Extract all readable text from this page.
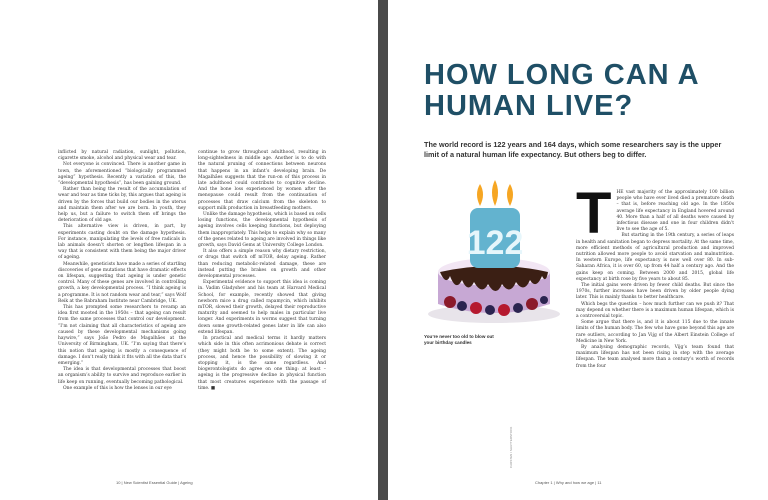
inflicted by natural radiation, sunlight, pollution, cigarette smoke, alcohol and physical wear and tear.

Not everyone is convinced. There is another game in town, the aforementioned “biologically programmed ageing” hypothesis. Recently a variation of this, the “developmental hypothesis”, has been gaining ground.

Rather than being the result of the accumulation of wear and tear as time ticks by, this argues that ageing is driven by the forces that build our bodies in the uterus and maintain them after we are born. In youth, they help us, but a failure to switch them off brings the deterioration of old age.

This alternative view is driven, in part, by experiments casting doubt on the damage hypothesis. For instance, manipulating the levels of free radicals in lab animals doesn’t shorten or lengthen lifespan in a way that is consistent with them being the major driver of ageing.

Meanwhile, geneticists have made a series of startling discoveries of gene mutations that have dramatic effects on lifespan, suggesting that ageing is under genetic control. Many of these genes are involved in controlling growth, a key developmental process. “I think ageing is a programme. It is not random wear and tear,” says Wolf Reik at the Babraham Institute near Cambridge, UK.

This has prompted some researchers to revamp an idea first mooted in the 1950s – that ageing can result from the same processes that control our development. “I’m not claiming that all characteristics of ageing are caused by these developmental mechanisms going haywire,” says João Pedro de Magalhães at the University of Birmingham, UK. “I’m saying that there’s this notion that ageing is mostly a consequence of damage. I don’t really think it fits with all the data that’s emerging.”

The idea is that developmental processes that boost an organism’s ability to survive and reproduce earlier in life keep on running, eventually becoming pathological.

One example of this is how the lenses in our eye

continue to grow throughout adulthood, resulting in long-sightedness in middle age. Another is to do with the natural pruning of connections between neurons that happens in an infant’s developing brain. De Magalhães suggests that the run-on of this process in late adulthood could contribute to cognitive decline. And the bone loss experienced by women after the menopause could result from the continuation of processes that draw calcium from the skeleton to support milk production in breastfeeding mothers.

Unlike the damage hypothesis, which is based on cells losing functions, the developmental hypothesis of ageing involves cells keeping functions, but deploying them inappropriately. This helps to explain why so many of the genes related to ageing are involved in things like growth, says David Gems at University College London.

It also offers a simple reason why dietary restriction, or drugs that switch off mTOR, delay ageing. Rather than reducing metabolic-related damage, these are instead putting the brakes on growth and other developmental processes.

Experimental evidence to support this idea is coming in. Vadim Gladyshev and his team at Harvard Medical School, for example, recently showed that giving newborn mice a drug called rapamycin, which inhibits mTOR, slowed their growth, delayed their reproductive maturity and seemed to help males in particular live longer. And experiments in worms suggest that turning down some growth-related genes later in life can also extend lifespan.

In practical and medical terms it hardly matters which side in this often acrimonious debate is correct (they might both be to some extent). The ageing process, and hence the possibility of slowing it or stopping it, is the same regardless. And biogerontologists do agree on one thing: at least – ageing is the progressive decline in physical function that most creatures experience with the passage of time. ■

10 | New Scientist Essential Guide | Ageing
HOW LONG CAN A HUMAN LIVE?
The world record is 122 years and 164 days, which some researchers say is the upper limit of a natural human life expectancy. But others beg to differ.
122
You’re never too old to blow out your birthday candles
CARSTEN / SHUTTERSTOCK
T	HE vast majority of the approximately 100 billion people who have ever lived died a premature death – that is, before reaching old age. In the 1850s average life expectancy in England hovered around 40. More than a half of all deaths were caused by infectious disease and one in four children didn’t live to see the age of 5.

But starting in the 19th century, a series of leaps in health and sanitation began to depress mortality. At the same time, more efficient methods of agricultural production and improved nutrition allowed more people to avoid starvation and malnutrition. In western Europe, life expectancy is now well over 80. In sub-Saharan Africa, it is over 60, up from 44 half a century ago. And the gains keep on coming. Between 2000 and 2015, global life expectancy at birth rose by five years to about 85.

The initial gains were driven by fewer child deaths. But since the 1970s, further increases have been driven by older people dying later. This is mainly thanks to better healthcare.

Which begs the question – how much further can we push it? That may depend on whether there is a maximum human lifespan, which is a controversial topic.

Some argue that there is, and it is about 115 due to the innate limits of the human body. The few who have gone beyond this age are rare outliers, according to Jan Vijg of the Albert Einstein College of Medicine in New York.

By analysing demographic records, Vijg’s team found that maximum lifespan has not been rising in step with the average lifespan. The team analysed more than a century’s worth of records from the four

Chapter 1 | Why and how we age | 11
